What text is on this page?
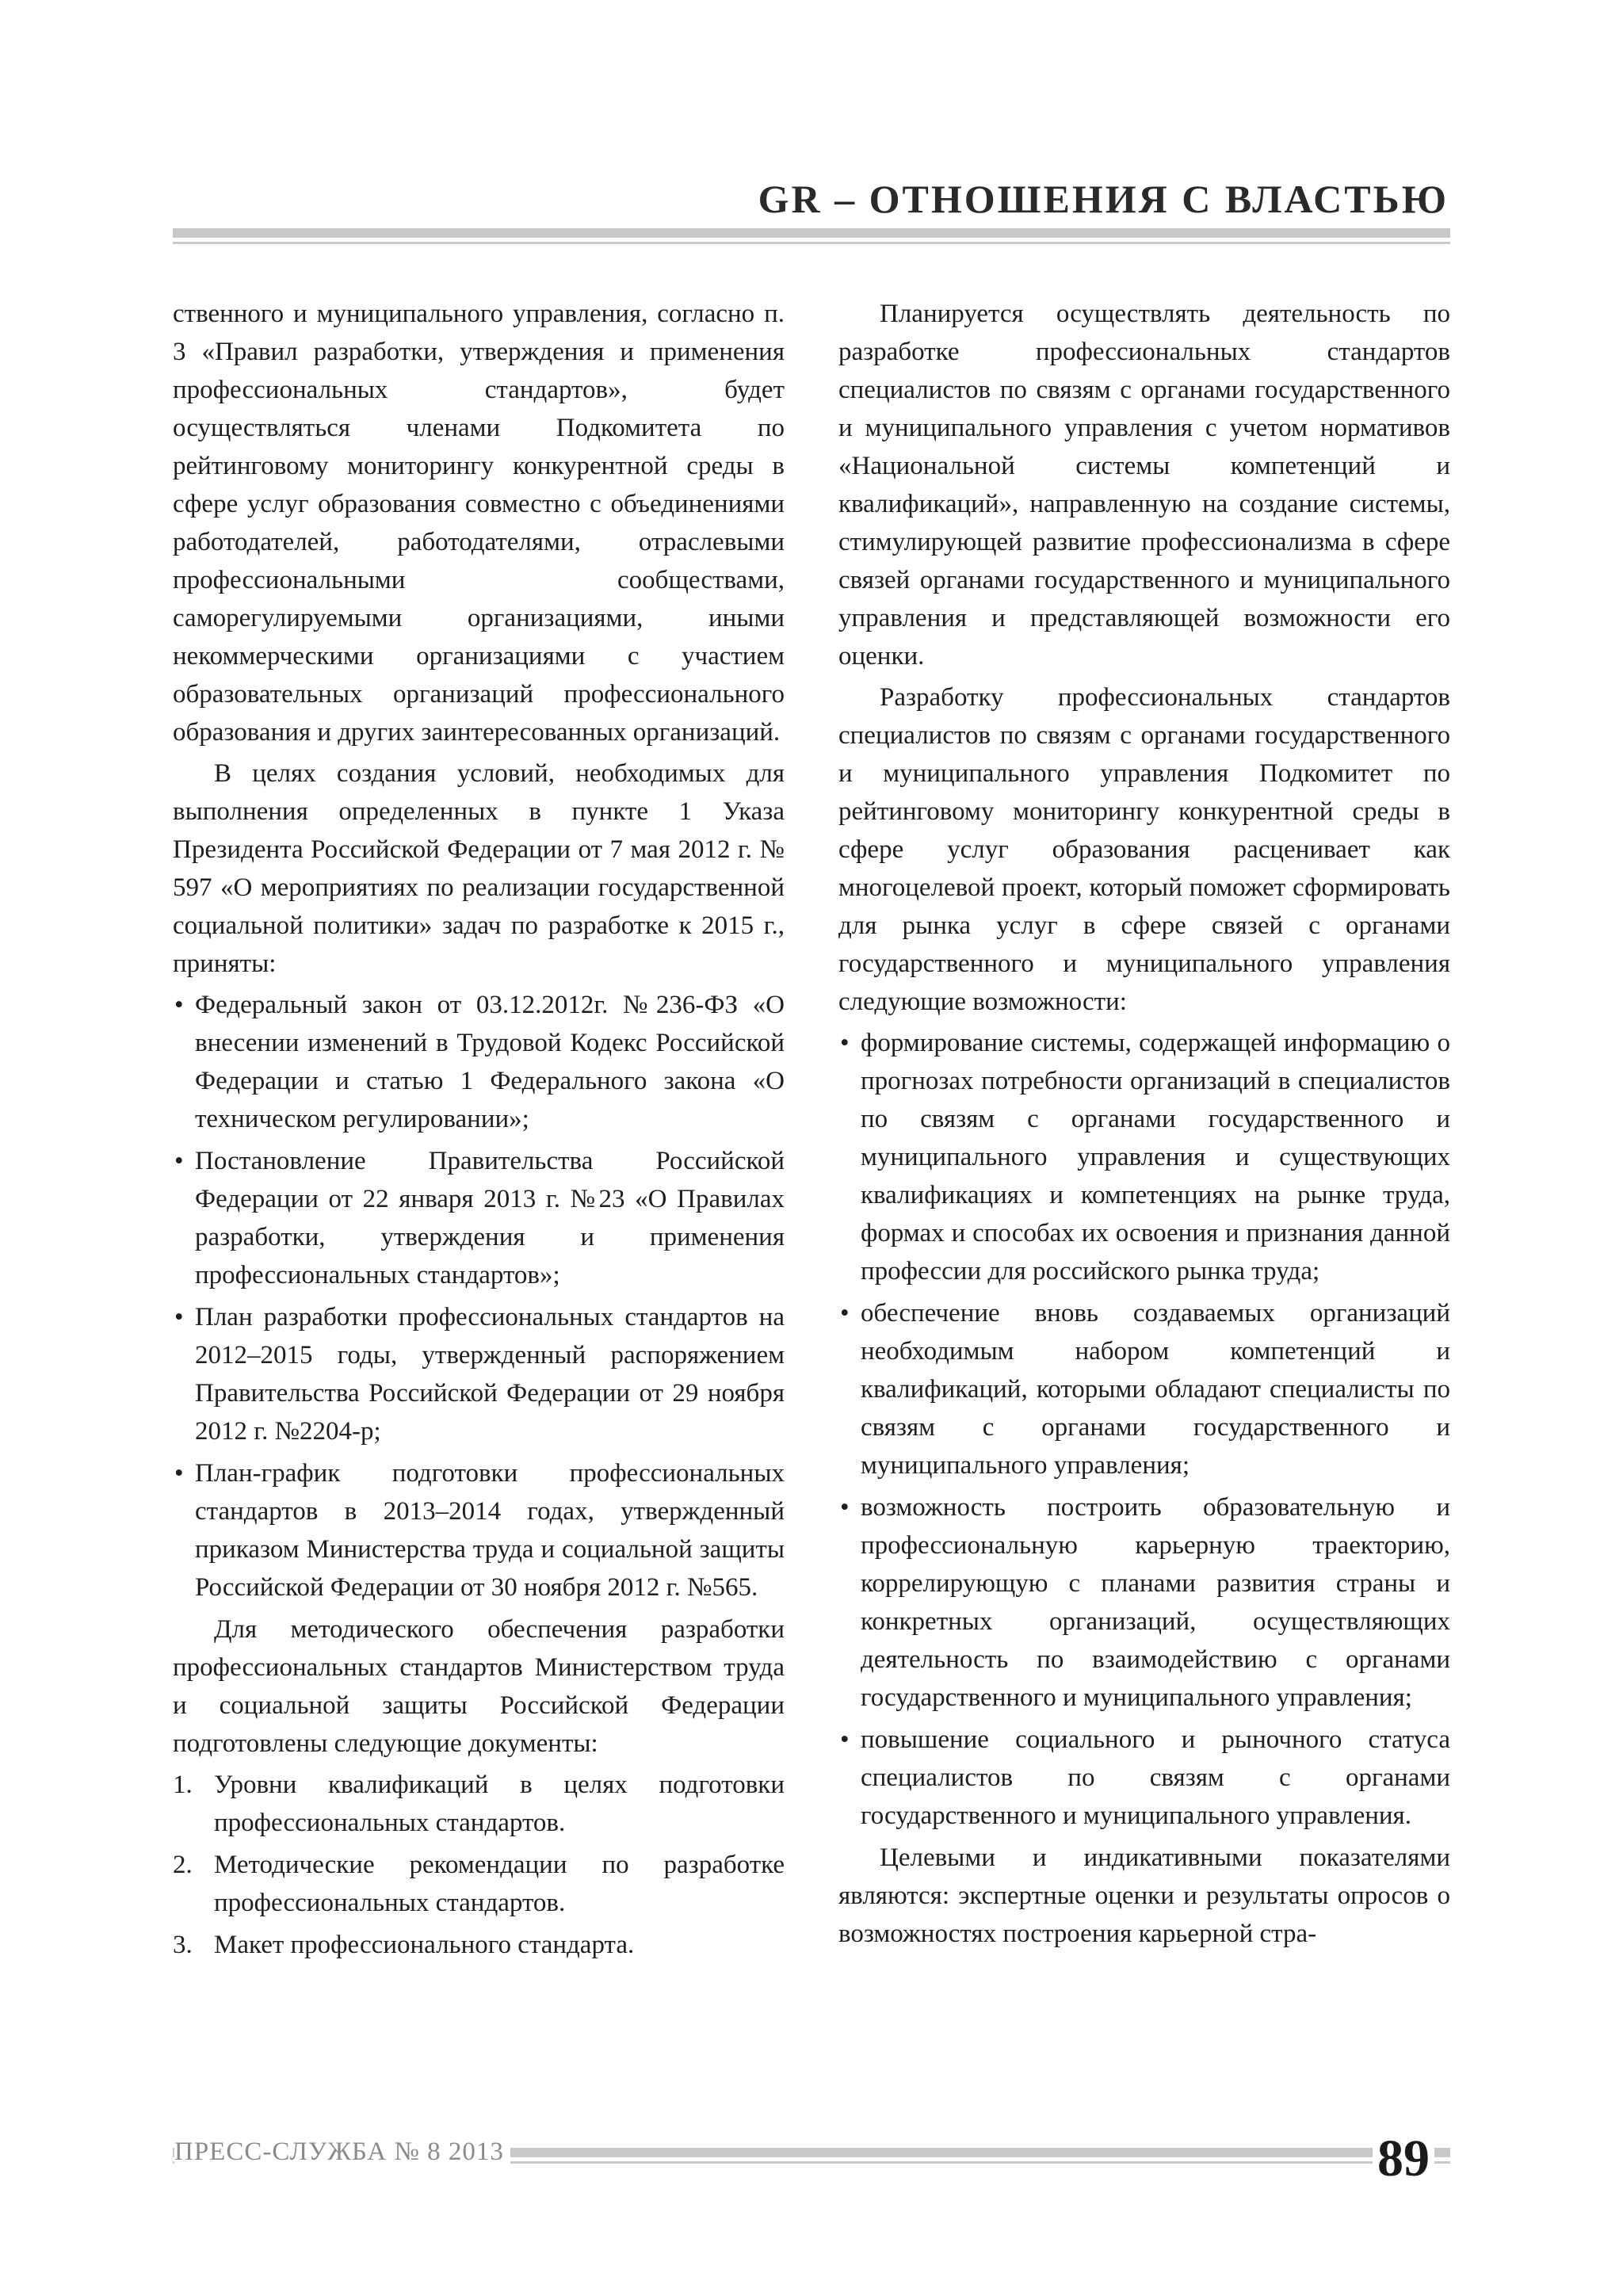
GR – ОТНОШЕНИЯ С ВЛАСТЬЮ

ственного и муниципального управления, согласно п. 3 «Правил разработки, утверждения и применения профессиональных стандартов», будет осуществляться членами Подкомитета по рейтинговому мониторингу конкурентной среды в сфере услуг образования совместно с объединениями работодателей, работодателями, отраслевыми профессиональными сообществами, саморегулируемыми организациями, иными некоммерческими организациями с участием образовательных организаций профессионального образования и других заинтересованных организаций.

В целях создания условий, необходимых для выполнения определенных в пункте 1 Указа Президента Российской Федерации от 7 мая 2012 г. № 597 «О мероприятиях по реализации государственной социальной политики» задач по разработке к 2015 г., приняты:

• Федеральный закон от 03.12.2012г. №236-ФЗ «О внесении изменений в Трудовой Кодекс Российской Федерации и статью 1 Федерального закона «О техническом регулировании»;
• Постановление Правительства Российской Федерации от 22 января 2013 г. №23 «О Правилах разработки, утверждения и применения профессиональных стандартов»;
• План разработки профессиональных стандартов на 2012–2015 годы, утвержденный распоряжением Правительства Российской Федерации от 29 ноября 2012 г. №2204-р;
• План-график подготовки профессиональных стандартов в 2013–2014 годах, утвержденный приказом Министерства труда и социальной защиты Российской Федерации от 30 ноября 2012 г. №565.

Для методического обеспечения разработки профессиональных стандартов Министерством труда и социальной защиты Российской Федерации подготовлены следующие документы:

1. Уровни квалификаций в целях подготовки профессиональных стандартов.
2. Методические рекомендации по разработке профессиональных стандартов.
3. Макет профессионального стандарта.

Планируется осуществлять деятельность по разработке профессиональных стандартов специалистов по связям с органами государственного и муниципального управления с учетом нормативов «Национальной системы компетенций и квалификаций», направленную на создание системы, стимулирующей развитие профессионализма в сфере связей органами государственного и муниципального управления и представляющей возможности его оценки.

Разработку профессиональных стандартов специалистов по связям с органами государственного и муниципального управления Подкомитет по рейтинговому мониторингу конкурентной среды в сфере услуг образования расценивает как многоцелевой проект, который поможет сформировать для рынка услуг в сфере связей с органами государственного и муниципального управления следующие возможности:

• формирование системы, содержащей информацию о прогнозах потребности организаций в специалистов по связям с органами государственного и муниципального управления и существующих квалификациях и компетенциях на рынке труда, формах и способах их освоения и признания данной профессии для российского рынка труда;
• обеспечение вновь создаваемых организаций необходимым набором компетенций и квалификаций, которыми обладают специалисты по связям с органами государственного и муниципального управления;
• возможность построить образовательную и профессиональную карьерную траекторию, коррелирующую с планами развития страны и конкретных организаций, осуществляющих деятельность по взаимодействию с органами государственного и муниципального управления;
• повышение социального и рыночного статуса специалистов по связям с органами государственного и муниципального управления.

Целевыми и индикативными показателями являются: экспертные оценки и результаты опросов о возможностях построения карьерной стра-

ПРЕСС-СЛУЖБА № 8 2013	89
